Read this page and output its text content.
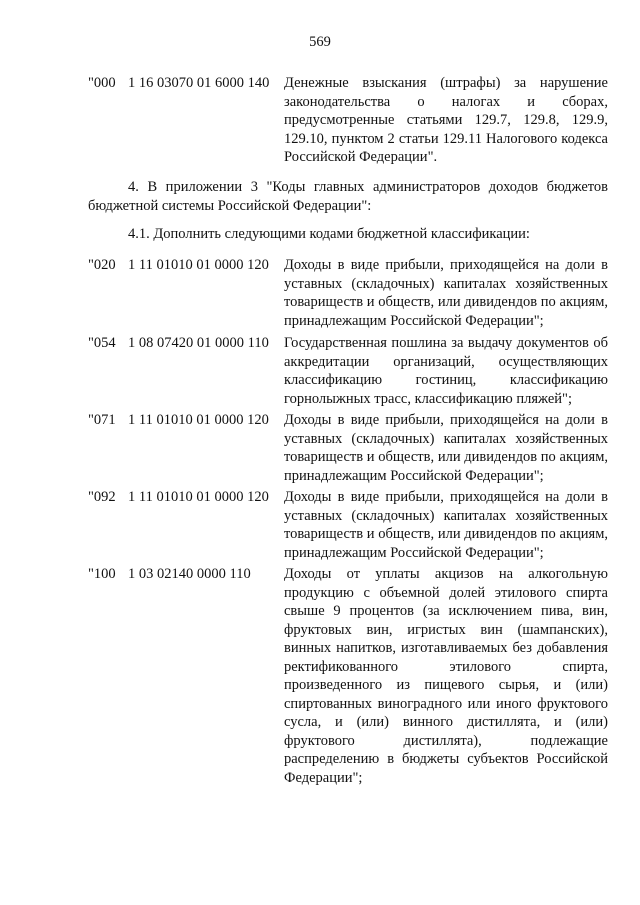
569
"000 1 16 03070 01 6000 140 Денежные взыскания (штрафы) за нарушение законодательства о налогах и сборах, предусмотренные статьями 129.7, 129.8, 129.9, 129.10, пунктом 2 статьи 129.11 Налогового кодекса Российской Федерации".
4. В приложении 3 "Коды главных администраторов доходов бюджетов бюджетной системы Российской Федерации":
4.1. Дополнить следующими кодами бюджетной классификации:
"020 1 11 01010 01 0000 120 Доходы в виде прибыли, приходящейся на доли в уставных (складочных) капиталах хозяйственных товариществ и обществ, или дивидендов по акциям, принадлежащим Российской Федерации";
"054 1 08 07420 01 0000 110 Государственная пошлина за выдачу документов об аккредитации организаций, осуществляющих классификацию гостиниц, классификацию горнолыжных трасс, классификацию пляжей";
"071 1 11 01010 01 0000 120 Доходы в виде прибыли, приходящейся на доли в уставных (складочных) капиталах хозяйственных товариществ и обществ, или дивидендов по акциям, принадлежащим Российской Федерации";
"092 1 11 01010 01 0000 120 Доходы в виде прибыли, приходящейся на доли в уставных (складочных) капиталах хозяйственных товариществ и обществ, или дивидендов по акциям, принадлежащим Российской Федерации";
"100 1 03 02140 0000 110 Доходы от уплаты акцизов на алкогольную продукцию с объемной долей этилового спирта свыше 9 процентов (за исключением пива, вин, фруктовых вин, игристых вин (шампанских), винных напитков, изготавливаемых без добавления ректификованного этилового спирта, произведенного из пищевого сырья, и (или) спиртованных виноградного или иного фруктового сусла, и (или) винного дистиллята, и (или) фруктового дистиллята), подлежащие распределению в бюджеты субъектов Российской Федерации";
